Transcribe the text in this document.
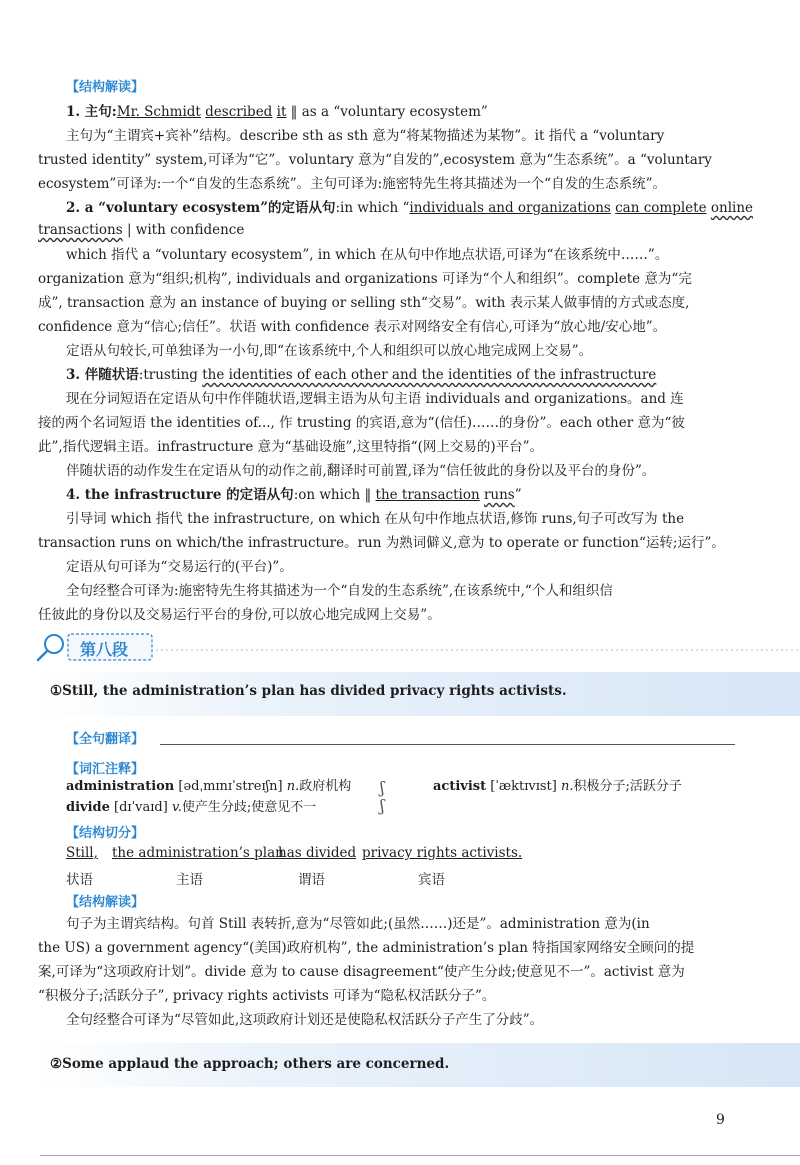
【结构解读】
1. 主句:Mr. Schmidt described it ‖ as a “voluntary ecosystem”
主句为“主谓宾+宾补”结构。describe sth as sth 意为“将某物描述为某物”。it 指代 a “voluntary
trusted identity” system,可译为“它”。voluntary 意为“自发的”,ecosystem 意为“生态系统”。a “voluntary
ecosystem”可译为:一个“自发的生态系统”。主句可译为:施密特先生将其描述为一个“自发的生态系统”。
2. a “voluntary ecosystem”的定语从句:in which “individuals and organizations can complete online
transactions | with confidence
which 指代 a “voluntary ecosystem”, in which 在从句中作地点状语,可译为“在该系统中……”。
organization 意为“组织;机构”, individuals and organizations 可译为“个人和组织”。complete 意为“完
成”, transaction 意为 an instance of buying or selling sth“交易”。with 表示某人做事情的方式或态度,
confidence 意为“信心;信任”。状语 with confidence 表示对网络安全有信心,可译为“放心地/安心地”。
定语从句较长,可单独译为一小句,即“在该系统中,个人和组织可以放心地完成网上交易”。
3. 伴随状语:trusting the identities of each other and the identities of the infrastructure
现在分词短语在定语从句中作伴随状语,逻辑主语为从句主语 individuals and organizations。and 连
接的两个名词短语 the identities of..., 作 trusting 的宾语,意为“(信任)……的身份”。each other 意为“彼
此”,指代逻辑主语。infrastructure 意为“基础设施”,这里特指“(网上交易的)平台”。
伴随状语的动作发生在定语从句的动作之前,翻译时可前置,译为“信任彼此的身份以及平台的身份”。
4. the infrastructure 的定语从句:on which ‖ the transaction runs”
引导词 which 指代 the infrastructure, on which 在从句中作地点状语,修饰 runs,句子可改写为 the
transaction runs on which/the infrastructure。run 为熟词僻义,意为 to operate or function“运转;运行”。
定语从句可译为“交易运行的(平台)”。
全句经整合可译为:施密特先生将其描述为一个“自发的生态系统”,在该系统中,“个人和组织信
任彼此的身份以及交易运行平台的身份,可以放心地完成网上交易”。
第八段
①Still, the administration’s plan has divided privacy rights activists.
【全句翻译】
【词汇注释】
administration [ədˌmɪnɪˈstreɪʃn] n.政府机构	activist [ˈæktɪvɪst] n.积极分子;活跃分子
divide [dɪˈvaɪd] v.使产生分歧;使意见不一
ʃ
ʃ
【结构切分】
Still, the administration’s plan
has divided privacy rights activists.
状语	主语	谓语	宾语
【结构解读】
句子为主谓宾结构。句首 Still 表转折,意为“尽管如此;(虽然……)还是”。administration 意为(in
the US) a government agency“(美国)政府机构”, the administration’s plan 特指国家网络安全顾问的提
案,可译为“这项政府计划”。divide 意为 to cause disagreement“使产生分歧;使意见不一”。activist 意为
“积极分子;活跃分子”, privacy rights activists 可译为“隐私权活跃分子”。
全句经整合可译为“尽管如此,这项政府计划还是使隐私权活跃分子产生了分歧”。
②Some applaud the approach; others are concerned.
9
